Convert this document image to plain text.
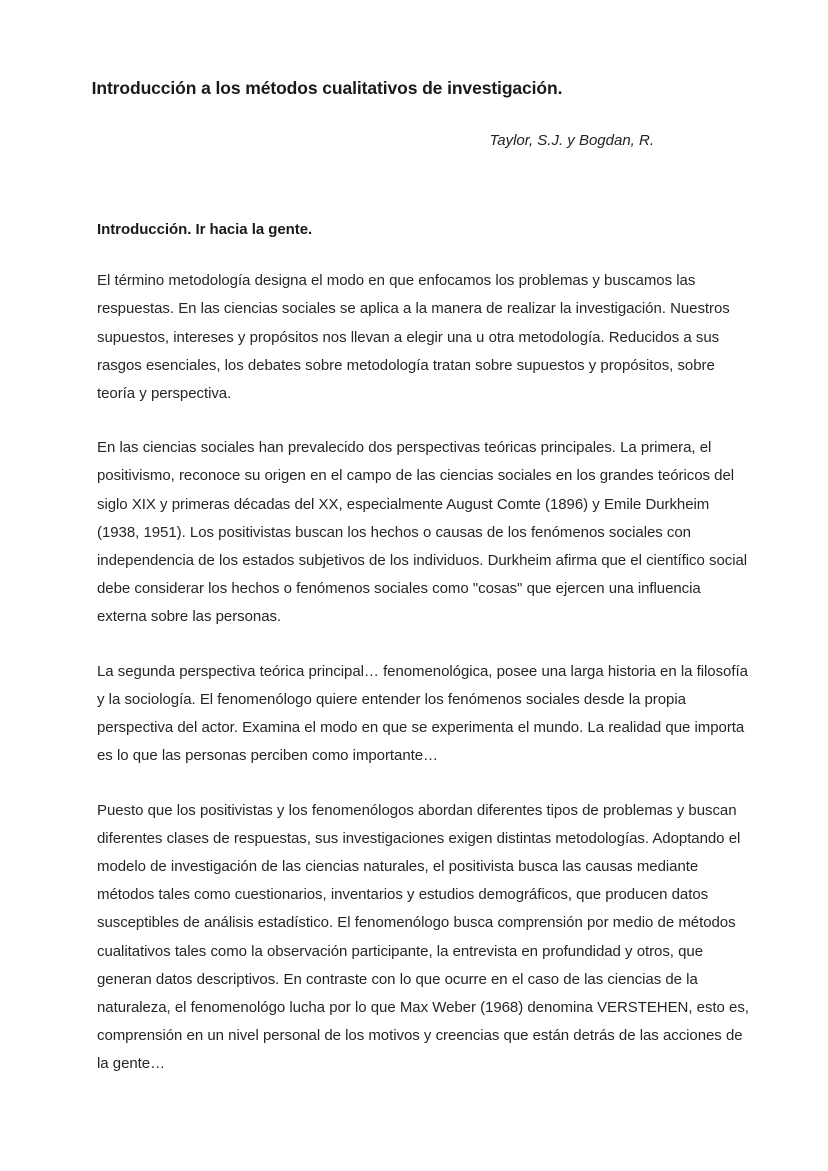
Introducción a los métodos cualitativos de investigación.
Taylor, S.J. y Bogdan, R.
Introducción. Ir hacia la gente.

El término metodología designa el modo en que enfocamos los problemas y buscamos las respuestas. En las ciencias sociales se aplica a la manera de realizar la investigación. Nuestros supuestos, intereses y propósitos nos llevan a elegir una u otra metodología. Reducidos a sus rasgos esenciales, los debates sobre metodología tratan sobre supuestos y propósitos, sobre teoría y perspectiva.

En las ciencias sociales han prevalecido dos perspectivas teóricas principales. La primera, el positivismo, reconoce su origen en el campo de las ciencias sociales en los grandes teóricos del siglo XIX y primeras décadas del XX, especialmente August Comte (1896) y Emile Durkheim (1938, 1951). Los positivistas buscan los hechos o causas de los fenómenos sociales con independencia de los estados subjetivos de los individuos. Durkheim afirma que el científico social debe considerar los hechos o fenómenos sociales como "cosas" que ejercen una influencia externa sobre las personas.

La segunda perspectiva teórica principal… fenomenológica, posee una larga historia en la filosofía y la sociología. El fenomenólogo quiere entender los fenómenos sociales desde la propia perspectiva del actor. Examina el modo en que se experimenta el mundo. La realidad que importa es lo que las personas perciben como importante…

Puesto que los positivistas y los fenomenólogos abordan diferentes tipos de problemas y buscan diferentes clases de respuestas, sus investigaciones exigen distintas metodologías. Adoptando el modelo de investigación de las ciencias naturales, el positivista busca las causas mediante métodos tales como cuestionarios, inventarios y estudios demográficos, que producen datos susceptibles de análisis estadístico. El fenomenólogo busca comprensión por medio de métodos cualitativos tales como la observación participante, la entrevista en profundidad y otros, que generan datos descriptivos. En contraste con lo que ocurre en el caso de las ciencias de la naturaleza, el fenomenológo lucha por lo que Max Weber (1968) denomina VERSTEHEN, esto es, comprensión en un nivel personal de los motivos y creencias que están detrás de las acciones de la gente…
